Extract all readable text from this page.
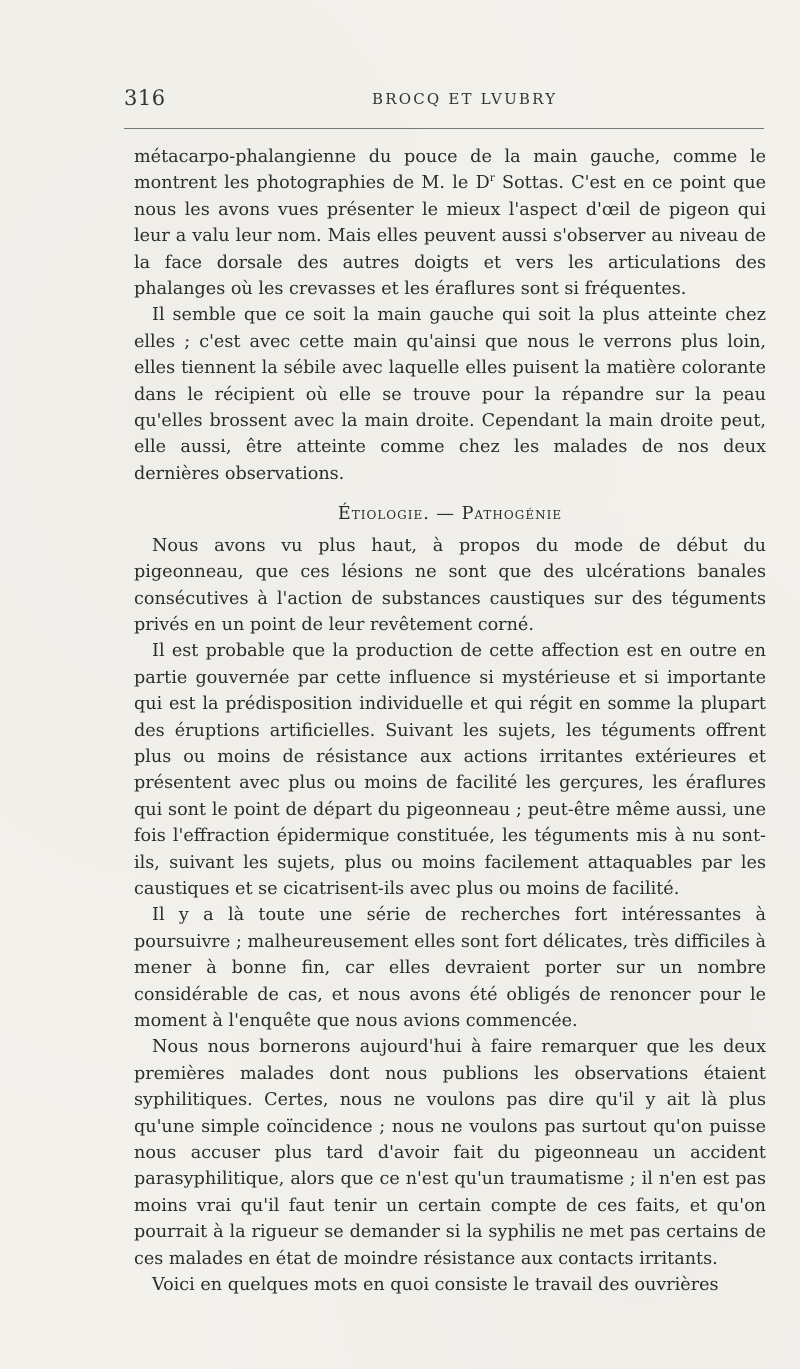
316	BROCQ ET LVUBRY

métacarpo-phalangienne du pouce de la main gauche, comme le montrent les photographies de M. le $D^r$ Sottas. C'est en ce point que nous les avons vues présenter le mieux l'aspect d'œil de pigeon qui leur a valu leur nom. Mais elles peuvent aussi s'observer au niveau de la face dorsale des autres doigts et vers les articulations des phalanges où les crevasses et les éraflures sont si fréquentes.

Il semble que ce soit la main gauche qui soit la plus atteinte chez elles ; c'est avec cette main qu'ainsi que nous le verrons plus loin, elles tiennent la sébile avec laquelle elles puisent la matière colorante dans le récipient où elle se trouve pour la répandre sur la peau qu'elles brossent avec la main droite. Cependant la main droite peut, elle aussi, être atteinte comme chez les malades de nos deux dernières observations.

Étiologie. — Pathogénie

Nous avons vu plus haut, à propos du mode de début du pigeonneau, que ces lésions ne sont que des ulcérations banales consécutives à l'action de substances caustiques sur des téguments privés en un point de leur revêtement corné.

Il est probable que la production de cette affection est en outre en partie gouvernée par cette influence si mystérieuse et si importante qui est la prédisposition individuelle et qui régit en somme la plupart des éruptions artificielles. Suivant les sujets, les téguments offrent plus ou moins de résistance aux actions irritantes extérieures et présentent avec plus ou moins de facilité les gerçures, les éraflures qui sont le point de départ du pigeonneau ; peut-être même aussi, une fois l'effraction épidermique constituée, les téguments mis à nu sont-ils, suivant les sujets, plus ou moins facilement attaquables par les caustiques et se cicatrisent-ils avec plus ou moins de facilité.

Il y a là toute une série de recherches fort intéressantes à poursuivre ; malheureusement elles sont fort délicates, très difficiles à mener à bonne fin, car elles devraient porter sur un nombre considérable de cas, et nous avons été obligés de renoncer pour le moment à l'enquête que nous avions commencée.

Nous nous bornerons aujourd'hui à faire remarquer que les deux premières malades dont nous publions les observations étaient syphilitiques. Certes, nous ne voulons pas dire qu'il y ait là plus qu'une simple coïncidence ; nous ne voulons pas surtout qu'on puisse nous accuser plus tard d'avoir fait du pigeonneau un accident parasyphilitique, alors que ce n'est qu'un traumatisme ; il n'en est pas moins vrai qu'il faut tenir un certain compte de ces faits, et qu'on pourrait à la rigueur se demander si la syphilis ne met pas certains de ces malades en état de moindre résistance aux contacts irritants.

Voici en quelques mots en quoi consiste le travail des ouvrières
